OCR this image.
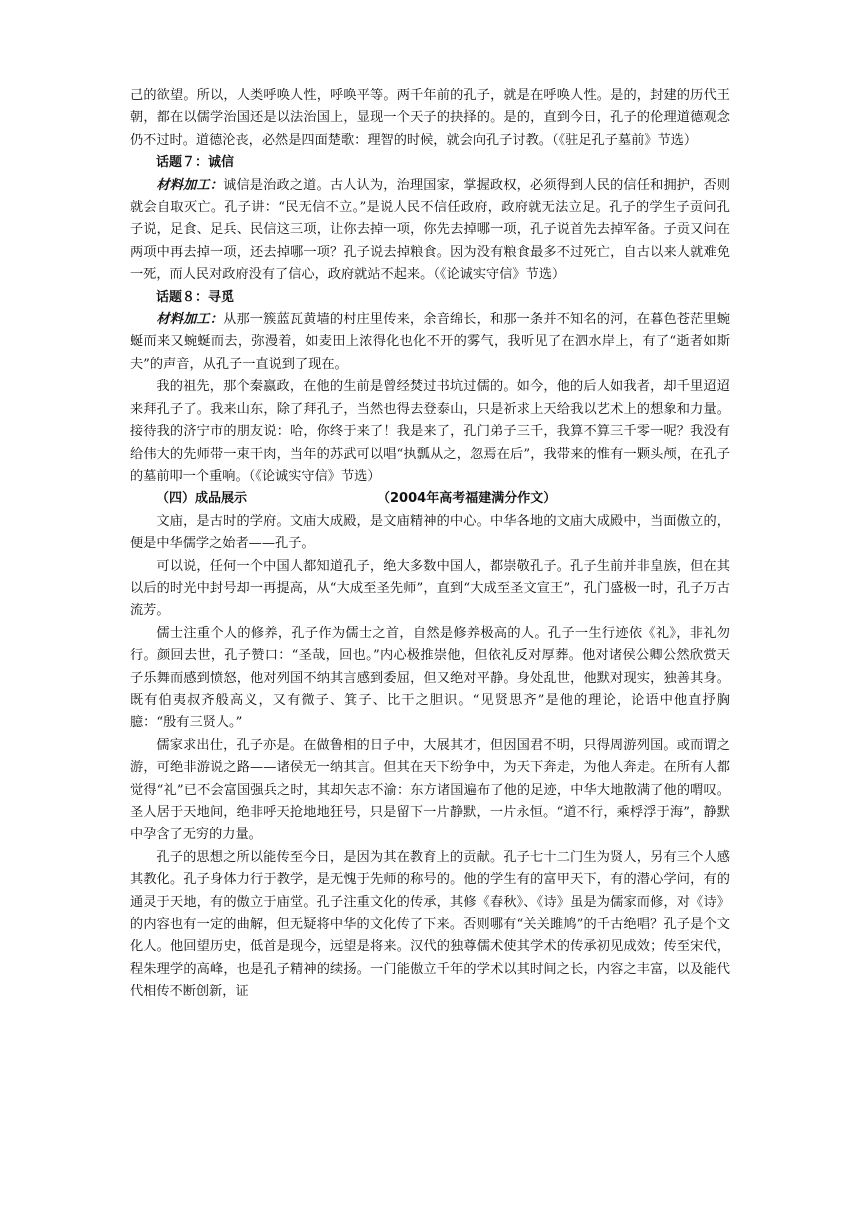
己的欲望。所以，人类呼唤人性，呼唤平等。两千年前的孔子，就是在呼唤人性。是的，封建的历代王朝，都在以儒学治国还是以法治国上，显现一个天子的抉择的。是的，直到今日，孔子的伦理道德观念仍不过时。道德沦丧，必然是四面楚歌：理智的时候，就会向孔子讨教。（《驻足孔子墓前》节选）

话题７：诚信

材料加工：诚信是治政之道。古人认为，治理国家，掌握政权，必须得到人民的信任和拥护，否则就会自取灭亡。孔子讲：“民无信不立。”是说人民不信任政府，政府就无法立足。孔子的学生子贡问孔子说，足食、足兵、民信这三项，让你去掉一项，你先去掉哪一项，孔子说首先去掉军备。子贡又问在两项中再去掉一项，还去掉哪一项？孔子说去掉粮食。因为没有粮食最多不过死亡，自古以来人就难免一死，而人民对政府没有了信心，政府就站不起来。（《论诚实守信》节选）

话题８：寻觅

材料加工：从那一簇蓝瓦黄墙的村庄里传来，余音绵长，和那一条并不知名的河，在暮色苍茫里蜿蜒而来又蜿蜒而去，弥漫着，如麦田上浓得化也化不开的雾气，我听见了在泗水岸上，有了“逝者如斯夫”的声音，从孔子一直说到了现在。

我的祖先，那个秦嬴政，在他的生前是曾经焚过书坑过儒的。如今，他的后人如我者，却千里迢迢来拜孔子了。我来山东，除了拜孔子，当然也得去登泰山，只是祈求上天给我以艺术上的想象和力量。接待我的济宁市的朋友说：哈，你终于来了！我是来了，孔门弟子三千，我算不算三千零一呢？我没有给伟大的先师带一束干肉，当年的苏武可以唱“执瓢从之，忽焉在后”，我带来的惟有一颗头颅，在孔子的墓前叩一个重响。（《论诚实守信》节选）

（四）成品展示	（2004年高考福建满分作文）

文庙，是古时的学府。文庙大成殿，是文庙精神的中心。中华各地的文庙大成殿中，当面傲立的，便是中华儒学之始者——孔子。

可以说，任何一个中国人都知道孔子，绝大多数中国人，都崇敬孔子。孔子生前并非皇族，但在其以后的时光中封号却一再提高，从“大成至圣先师”，直到“大成至圣文宣王”，孔门盛极一时，孔子万古流芳。

儒士注重个人的修养，孔子作为儒士之首，自然是修养极高的人。孔子一生行迹依《礼》，非礼勿行。颜回去世，孔子赞口：“圣哉，回也。”内心极推崇他，但依礼反对厚葬。他对诸侯公卿公然欣赏天子乐舞而感到愤怒，他对列国不纳其言感到委屈，但又绝对平静。身处乱世，他默对现实，独善其身。既有伯夷叔齐般高义，又有微子、箕子、比干之胆识。“见贤思齐”是他的理论，论语中他直抒胸臆：“殷有三贤人。”

儒家求出仕，孔子亦是。在做鲁相的日子中，大展其才，但因国君不明，只得周游列国。或而谓之游，可绝非游说之路——诸侯无一纳其言。但其在天下纷争中，为天下奔走，为他人奔走。在所有人都觉得“礼”已不会富国强兵之时，其却矢志不渝：东方诸国遍布了他的足迹，中华大地散满了他的喟叹。圣人居于天地间，绝非呼天抢地地狂号，只是留下一片静默，一片永恒。“道不行，乘桴浮于海”，静默中孕含了无穷的力量。

孔子的思想之所以能传至今日，是因为其在教育上的贡献。孔子七十二门生为贤人，另有三个人感其教化。孔子身体力行于教学，是无愧于先师的称号的。他的学生有的富甲天下，有的潜心学问，有的通灵于天地，有的傲立于庙堂。孔子注重文化的传承，其修《春秋》、《诗》虽是为儒家而修，对《诗》的内容也有一定的曲解，但无疑将中华的文化传了下来。否则哪有“关关雎鸠”的千古绝唱？孔子是个文化人。他回望历史，低首是现今，远望是将来。汉代的独尊儒术使其学术的传承初见成效；传至宋代，程朱理学的高峰，也是孔子精神的续扬。一门能傲立千年的学术以其时间之长，内容之丰富，以及能代代相传不断创新，证
